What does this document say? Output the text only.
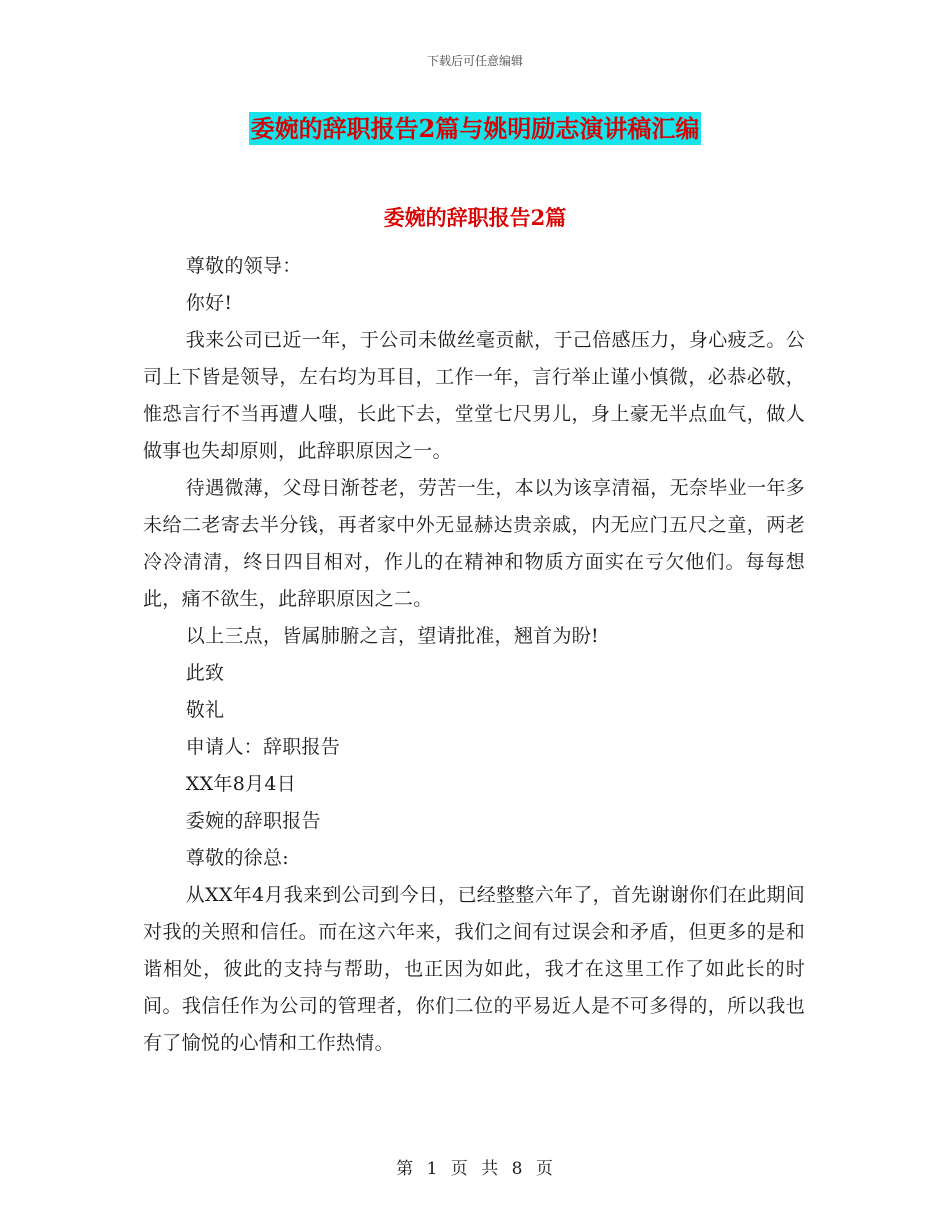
下载后可任意编辑
委婉的辞职报告2篇与姚明励志演讲稿汇编
委婉的辞职报告2篇

尊敬的领导：

你好!

我来公司已近一年，于公司未做丝毫贡献，于己倍感压力，身心疲乏。公司上下皆是领导，左右均为耳目，工作一年，言行举止谨小慎微，必恭必敬，惟恐言行不当再遭人嗤，长此下去，堂堂七尺男儿，身上豪无半点血气，做人做事也失却原则，此辞职原因之一。

待遇微薄，父母日渐苍老，劳苦一生，本以为该享清福，无奈毕业一年多未给二老寄去半分钱，再者家中外无显赫达贵亲戚，内无应门五尺之童，两老冷冷清清，终日四目相对，作儿的在精神和物质方面实在亏欠他们。每每想此，痛不欲生，此辞职原因之二。

以上三点，皆属肺腑之言，望请批准，翘首为盼!

此致

敬礼

申请人：辞职报告

XX年8月4日

委婉的辞职报告

尊敬的徐总:

从XX年4月我来到公司到今日，已经整整六年了，首先谢谢你们在此期间对我的关照和信任。而在这六年来，我们之间有过误会和矛盾，但更多的是和谐相处，彼此的支持与帮助，也正因为如此，我才在这里工作了如此长的时间。我信任作为公司的管理者，你们二位的平易近人是不可多得的，所以我也有了愉悦的心情和工作热情。

第 1 页 共 8 页
